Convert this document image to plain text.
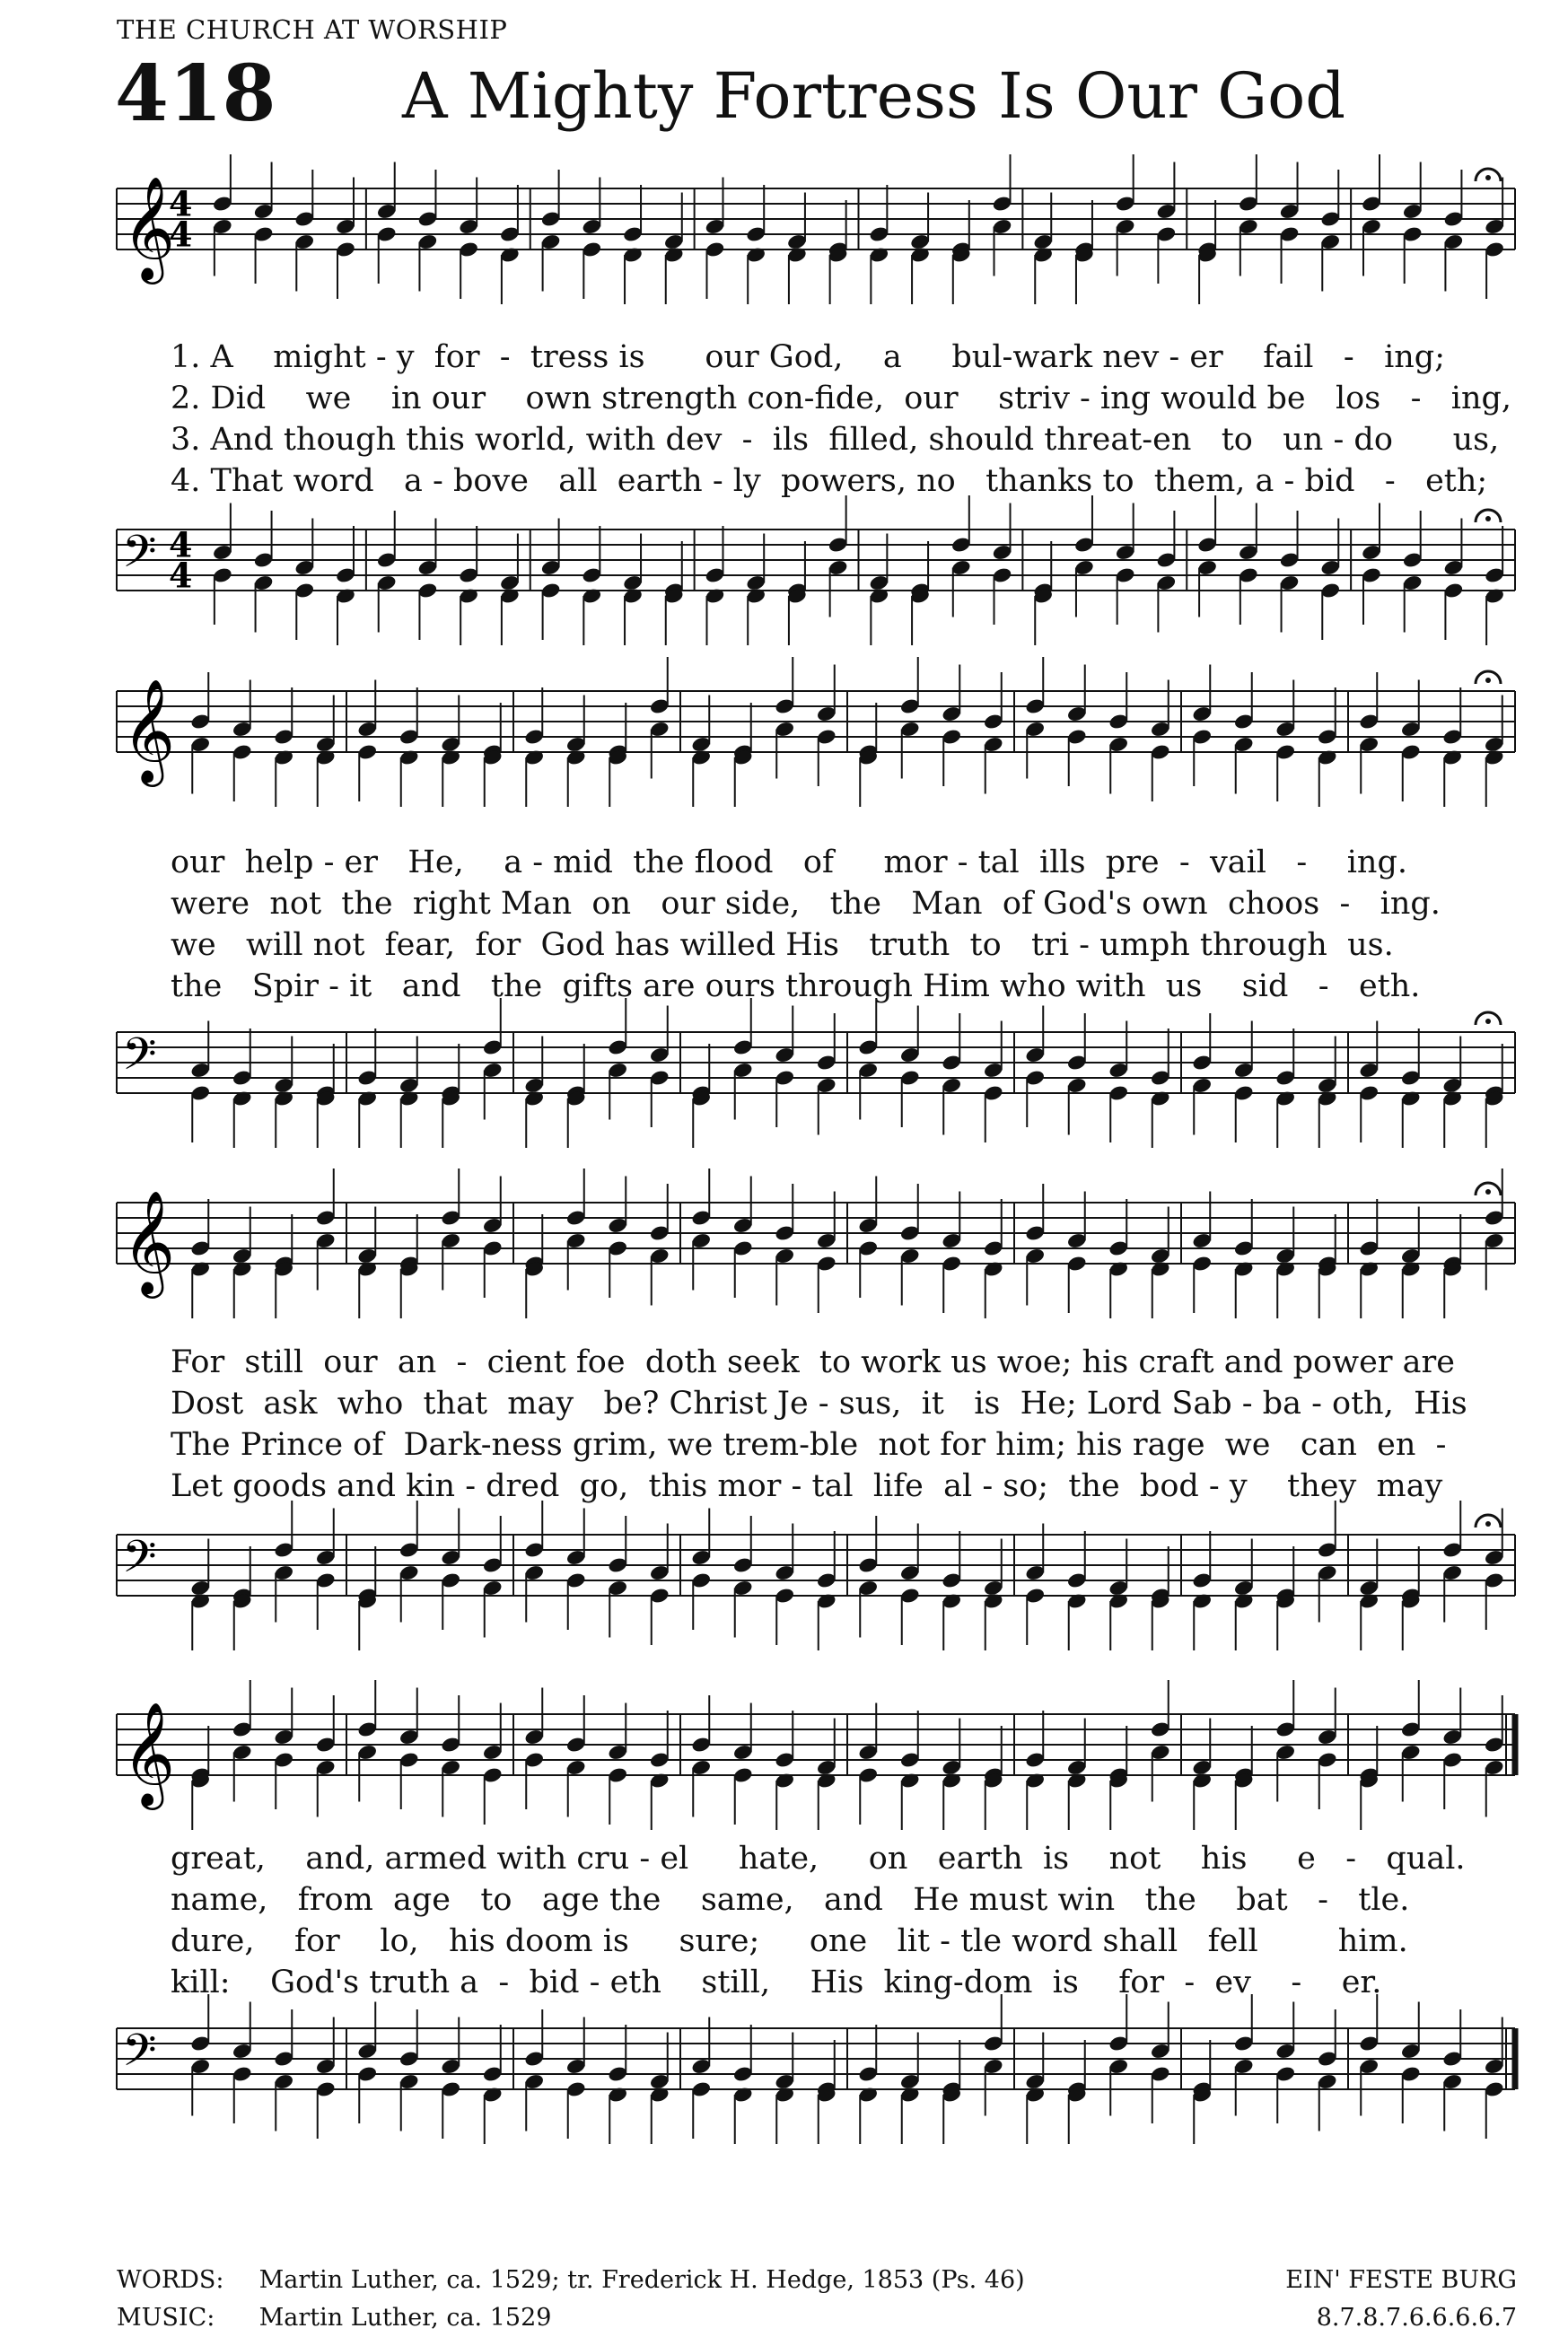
THE CHURCH AT WORSHIP
418 A Mighty Fortress Is Our God
𝄞
4
4
1. A    might - y  for  -  tress is      our God,    a     bul-wark nev - er    fail   -   ing;
2. Did    we    in our    own strength con-fide,  our    striv - ing would be   los   -   ing,
3. And though this world, with dev  -  ils  filled, should threat-en   to   un - do      us,
4. That word   a - bove   all  earth - ly  powers, no   thanks to  them, a - bid   -   eth;
𝄢 4
4
𝄞
our  help - er   He,    a - mid  the flood   of     mor - tal  ills  pre  -  vail   -    ing.
were  not  the  right Man  on   our side,   the   Man  of God's own  choos  -   ing.
we   will not  fear,  for  God has willed His   truth  to   tri - umph through  us.
the   Spir - it   and   the  gifts are ours through Him who with  us    sid   -   eth.
𝄢
𝄞
For  still  our  an  -  cient foe  doth seek  to work us woe; his craft and power are
Dost  ask  who  that  may   be? Christ Je - sus,  it   is  He; Lord Sab - ba - oth,  His
The Prince of  Dark-ness grim, we trem-ble  not for him; his rage  we   can  en  -
Let goods and kin - dred  go,  this mor - tal  life  al - so;  the  bod - y    they  may
𝄢
𝄞
great,    and, armed with cru - el     hate,     on   earth  is    not    his     e   -   qual.
name,   from  age   to   age the    same,   and   He must win   the    bat   -   tle.
dure,    for    lo,   his doom is     sure;     one   lit - tle word shall   fell        him.
kill:    God's truth a  -  bid - eth    still,    His  king-dom  is    for  -  ev    -    er.
𝄢
WORDS: Martin Luther, ca. 1529; tr. Frederick H. Hedge, 1853 (Ps. 46)	EIN' FESTE BURG
MUSIC: Martin Luther, ca. 1529	8.7.8.7.6.6.6.6.7
